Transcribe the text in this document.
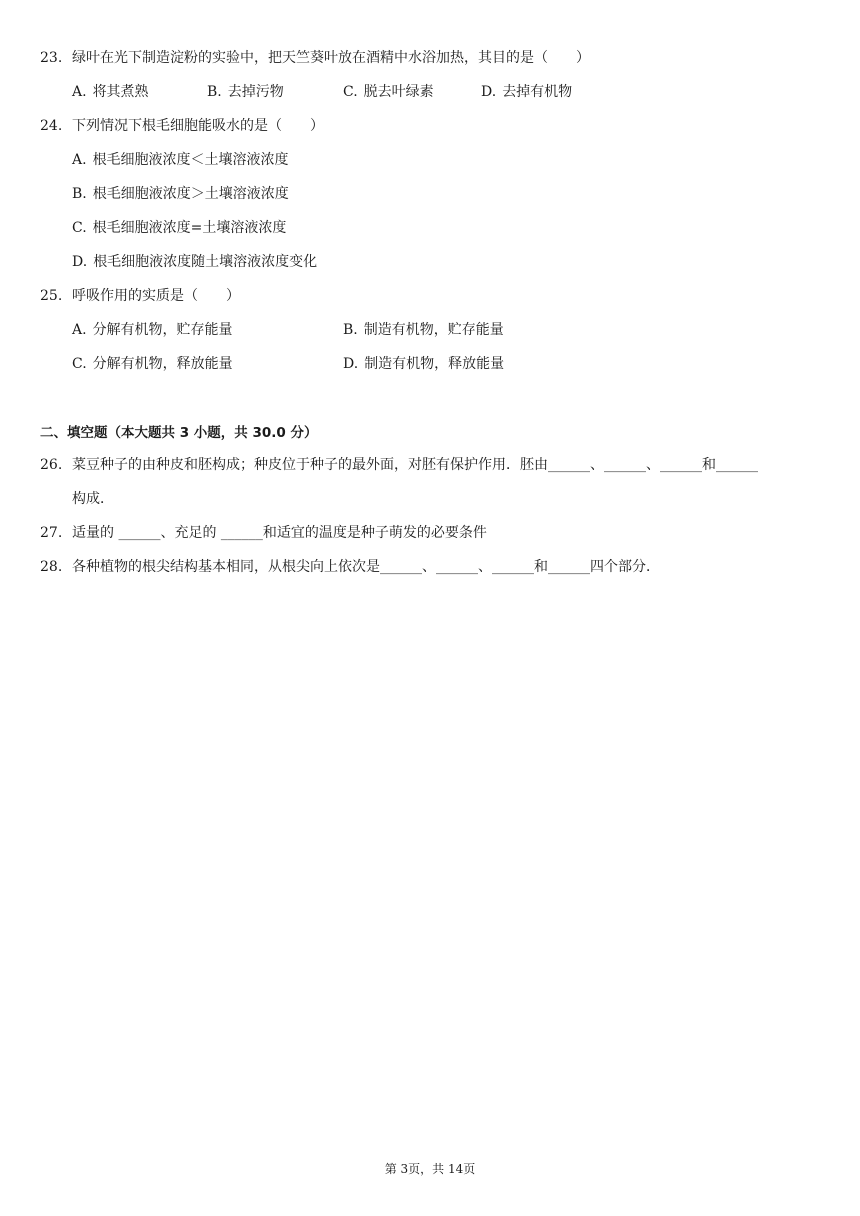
23. 绿叶在光下制造淀粉的实验中，把天竺葵叶放在酒精中水浴加热，其目的是（　　）
A. 将其煮熟	B. 去掉污物	C. 脱去叶绿素	D. 去掉有机物
24. 下列情况下根毛细胞能吸水的是（　　）
A. 根毛细胞液浓度＜土壤溶液浓度
B. 根毛细胞液浓度＞土壤溶液浓度
C. 根毛细胞液浓度=土壤溶液浓度
D. 根毛细胞液浓度随土壤溶液浓度变化
25. 呼吸作用的实质是（　　）
A. 分解有机物，贮存能量	B. 制造有机物，贮存能量
C. 分解有机物，释放能量	D. 制造有机物，释放能量
二、填空题（本大题共 3 小题，共 30.0 分）
26. 菜豆种子的由种皮和胚构成；种皮位于种子的最外面，对胚有保护作用．胚由______、______、______和______
构成．
27. 适量的 ______、充足的 ______和适宜的温度是种子萌发的必要条件
28. 各种植物的根尖结构基本相同，从根尖向上依次是______、______、______和______四个部分．
第 3页，共 14页
